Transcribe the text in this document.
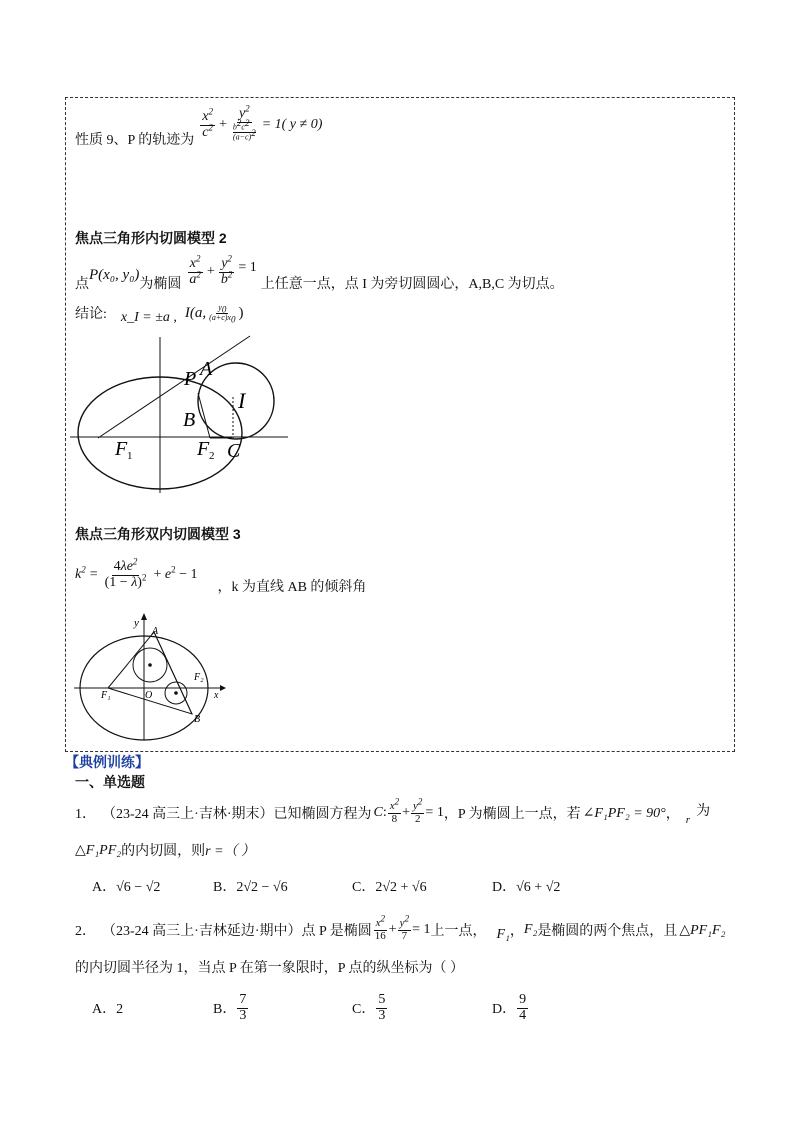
性质 9、P 的轨迹为
$\frac{x^2}{c^2} + y^2$
$b^2c^2$
$(a-c)^2 = 1$( y ≠ 0)
焦点三角形内切圆模型 2
点
P(x₀, y₀)
为椭圆 $\frac{x^2}{a^2} + \frac{y^2}{b^2} = 1$
上任意一点，点 I 为旁切圆圆心，A,B,C 为切点。
结论: x_I = ±a , I(a, $\frac{y_0}{(a+c)x_0}$ )
P A
B
I
F 1	F 2 C
焦点三角形双内切圆模型 3
$k^2 = \frac{4\lambda e^2}{(1 - \lambda)^2} + e^2 - 1$
，k 为直线 AB 的倾斜角
y
A
F₂
F₁	O	x
B
【典例训练】
一、单选题
1． （23-24 高三上·吉林·期末）已知椭圆方程为 C : $\frac{x^2}{8} + \frac{y^2}{2} = 1$ ，P 为椭圆上一点，若 ∠F₁PF₂ = 90° ， r
为
△F₁PF₂ 的内切圆，则 r =（ ）
A．√6 − √2	B．2√2 − √6	C．2√2 + √6	D．√6 + √2
2． （23-24 高三上·吉林延边·期中）点 P 是椭圆 $\frac{x^2}{16} + \frac{y^2}{7} = 1$ 上一点， F₁ ， F₂ 是椭圆的两个焦点，且 △PF₁F₂
的内切圆半径为 1，当点 P 在第一象限时，P 点的纵坐标为（ ）
A．2	B． $\frac{7}{3}$	C． $\frac{5}{3}$	D． $\frac{9}{4}$
